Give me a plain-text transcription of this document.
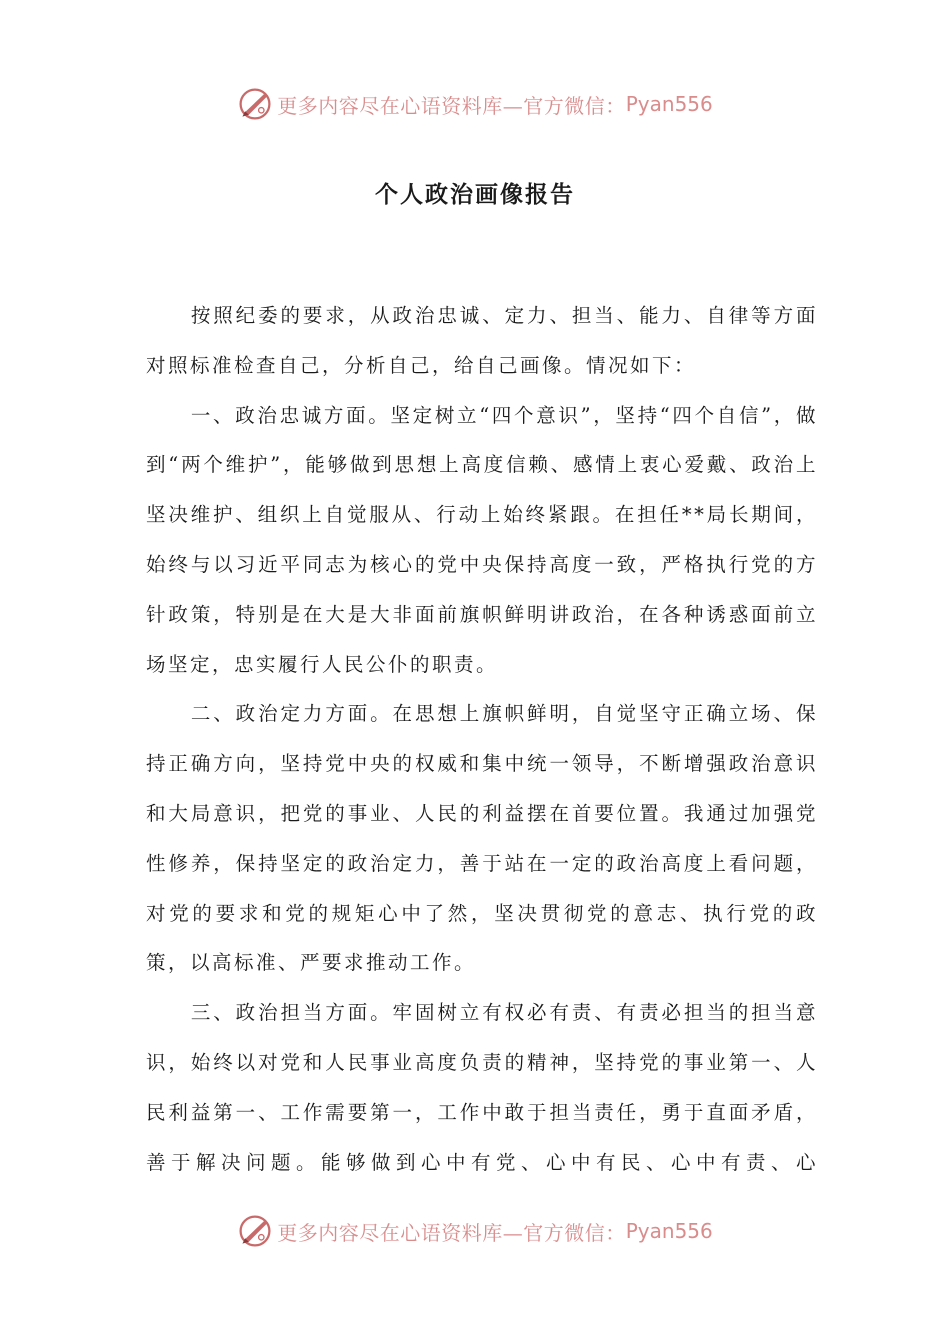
更多内容尽在心语资料库—官方微信： Pyan556
个人政治画像报告

按照纪委的要求，从政治忠诚、定力、担当、能力、自律等方面对照标准检查自己，分析自己，给自己画像。情况如下：

一、政治忠诚方面。坚定树立“四个意识”，坚持“四个自信”，做到“两个维护”，能够做到思想上高度信赖、感情上衷心爱戴、政治上坚决维护、组织上自觉服从、行动上始终紧跟。在担任**局长期间，始终与以习近平同志为核心的党中央保持高度一致，严格执行党的方针政策，特别是在大是大非面前旗帜鲜明讲政治，在各种诱惑面前立场坚定，忠实履行人民公仆的职责。

二、政治定力方面。在思想上旗帜鲜明，自觉坚守正确立场、保持正确方向，坚持党中央的权威和集中统一领导，不断增强政治意识和大局意识，把党的事业、人民的利益摆在首要位置。我通过加强党性修养，保持坚定的政治定力，善于站在一定的政治高度上看问题，对党的要求和党的规矩心中了然，坚决贯彻党的意志、执行党的政策，以高标准、严要求推动工作。

三、政治担当方面。牢固树立有权必有责、有责必担当的担当意识，始终以对党和人民事业高度负责的精神，坚持党的事业第一、人民利益第一、工作需要第一，工作中敢于担当责任，勇于直面矛盾，善于解决问题。能够做到心中有党、心中有民、心中有责、心

更多内容尽在心语资料库—官方微信： Pyan556
